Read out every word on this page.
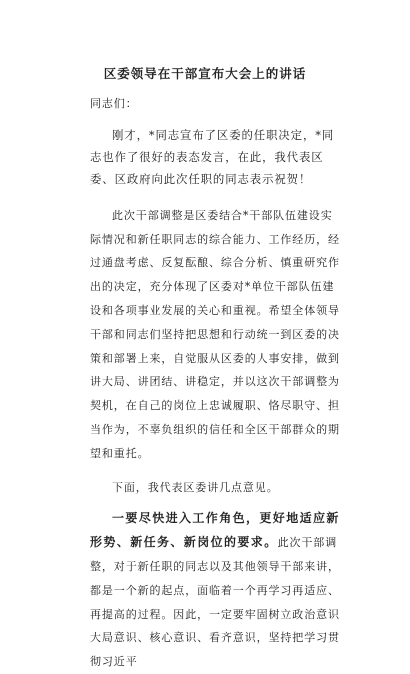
区委领导在干部宣布大会上的讲话

同志们：

刚才，*同志宣布了区委的任职决定，*同志也作了很好的表态发言，在此，我代表区委、区政府向此次任职的同志表示祝贺！

此次干部调整是区委结合*干部队伍建设实际情况和新任职同志的综合能力、工作经历，经过通盘考虑、反复酝酿、综合分析、慎重研究作出的决定，充分体现了区委对*单位干部队伍建设和各项事业发展的关心和重视。希望全体领导干部和同志们坚持把思想和行动统一到区委的决策和部署上来，自觉服从区委的人事安排，做到讲大局、讲团结、讲稳定，并以这次干部调整为契机，在自己的岗位上忠诚履职、恪尽职守、担当作为，不辜负组织的信任和全区干部群众的期望和重托。

下面，我代表区委讲几点意见。

一要尽快进入工作角色，更好地适应新形势、新任务、新岗位的要求。此次干部调整，对于新任职的同志以及其他领导干部来讲，都是一个新的起点，面临着一个再学习再适应、再提高的过程。因此，一定要牢固树立政治意识大局意识、核心意识、看齐意识，坚持把学习贯彻习近平
